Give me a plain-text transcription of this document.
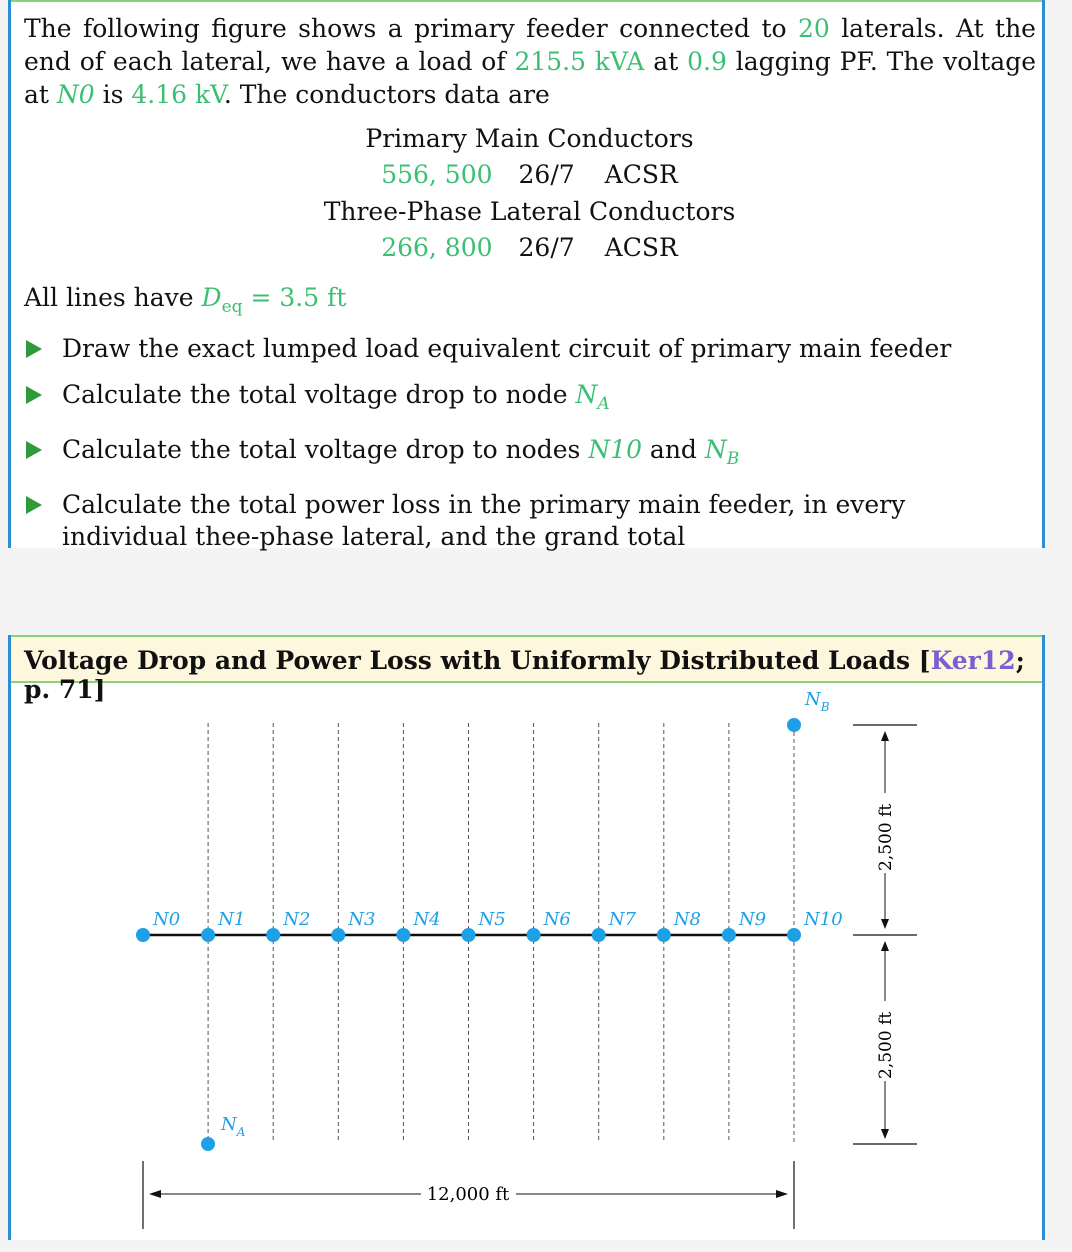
The following figure shows a primary feeder connected to 20 laterals. At the end of each lateral, we have a load of 215.5 kVA at 0.9 lagging PF. The voltage at N0 is 4.16 kV. The conductors data are
Primary Main Conductors
556, 500 26/7 ACSR
Three-Phase Lateral Conductors
266, 800 26/7 ACSR
All lines have $D_{eq} = 3.5$ ft
Draw the exact lumped load equivalent circuit of primary main feeder
Calculate the total voltage drop to node $N_A$
Calculate the total voltage drop to nodes N10 and $N_B$
Calculate the total power loss in the primary main feeder, in every individual thee-phase lateral, and the grand total
Voltage Drop and Power Loss with Uniformly Distributed Loads [Ker12; p. 71]
N0 N1 N2 N3 N4 N5 N6 N7 N8 N9 N10
$N_A$
$N_B$
2,500 ft
2,500 ft
12,000 ft
